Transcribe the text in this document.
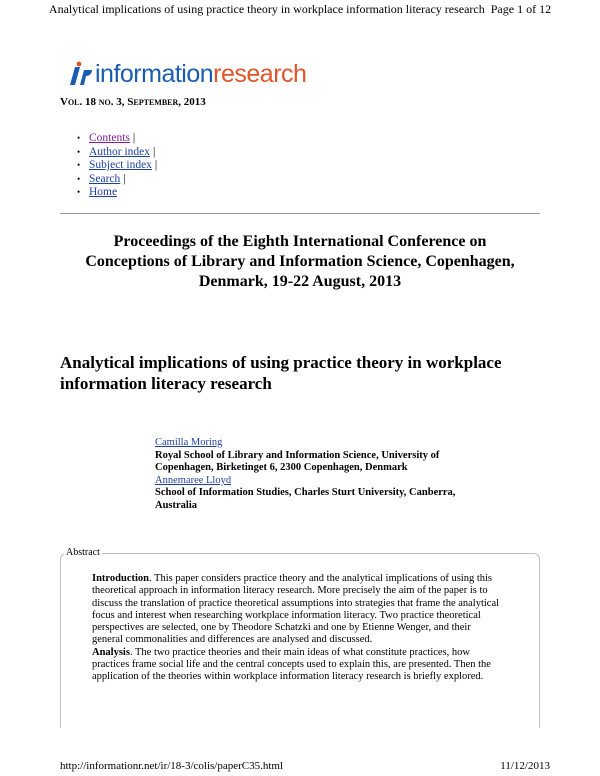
Analytical implications of using practice theory in workplace information literacy research Page 1 of 12
informationresearch
Vol. 18 no. 3, September, 2013
• Contents |
• Author index |
• Subject index |
• Search |
• Home
Proceedings of the Eighth International Conference on Conceptions of Library and Information Science, Copenhagen, Denmark, 19-22 August, 2013
Analytical implications of using practice theory in workplace information literacy research
Camilla Moring
Royal School of Library and Information Science, University of Copenhagen, Birketinget 6, 2300 Copenhagen, Denmark
Annemaree Lloyd
School of Information Studies, Charles Sturt University, Canberra, Australia
Abstract

Introduction. This paper considers practice theory and the analytical implications of using this theoretical approach in information literacy research. More precisely the aim of the paper is to discuss the translation of practice theoretical assumptions into strategies that frame the analytical focus and interest when researching workplace information literacy. Two practice theoretical perspectives are selected, one by Theodore Schatzki and one by Etienne Wenger, and their general commonalities and differences are analysed and discussed.

Analysis. The two practice theories and their main ideas of what constitute practices, how practices frame social life and the central concepts used to explain this, are presented. Then the application of the theories within workplace information literacy research is briefly explored.

http://informationr.net/ir/18-3/colis/paperC35.html	11/12/2013
